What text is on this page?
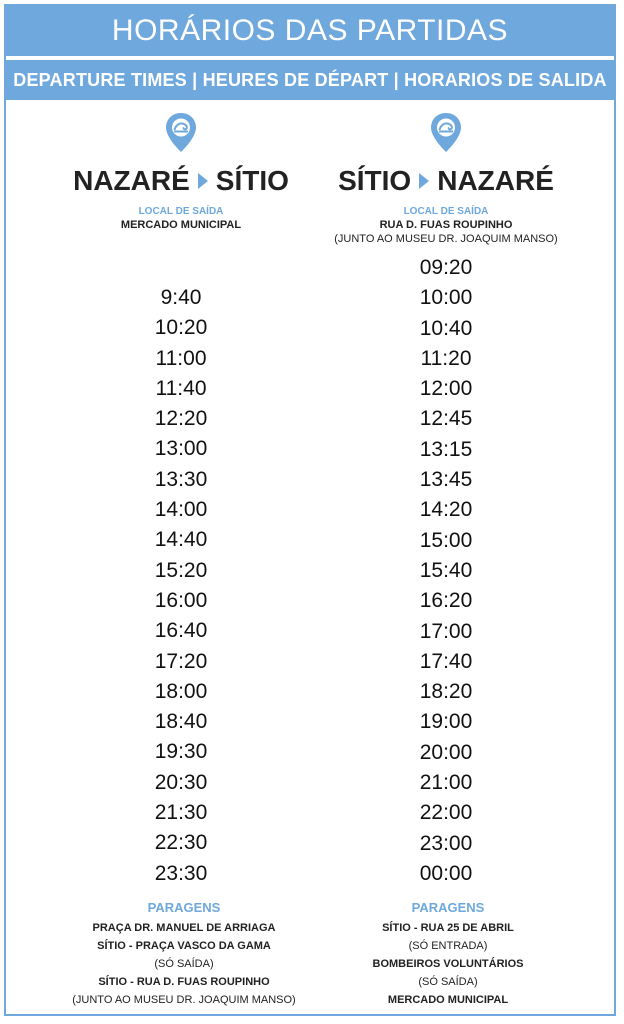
HORÁRIOS DAS PARTIDAS
DEPARTURE TIMES | HEURES DE DÉPART | HORARIOS DE SALIDA
NAZARÉ SÍTIO
LOCAL DE SAÍDA
MERCADO MUNICIPAL
SÍTIO NAZARÉ
LOCAL DE SAÍDA
RUA D. FUAS ROUPINHO
(JUNTO AO MUSEU DR. JOAQUIM MANSO)
9:40
10:20
11:00
11:40
12:20
13:00
13:30
14:00
14:40
15:20
16:00
16:40
17:20
18:00
18:40
19:30
20:30
21:30
22:30
23:30
09:20
10:00
10:40
11:20
12:00
12:45
13:15
13:45
14:20
15:00
15:40
16:20
17:00
17:40
18:20
19:00
20:00
21:00
22:00
23:00
00:00
PARAGENS
PRAÇA DR. MANUEL DE ARRIAGA
SÍTIO - PRAÇA VASCO DA GAMA
(SÓ SAÍDA)
SÍTIO - RUA D. FUAS ROUPINHO
(JUNTO AO MUSEU DR. JOAQUIM MANSO)
PARAGENS
SÍTIO - RUA 25 DE ABRIL
(SÓ ENTRADA)
BOMBEIROS VOLUNTÁRIOS
(SÓ SAÍDA)
MERCADO MUNICIPAL
